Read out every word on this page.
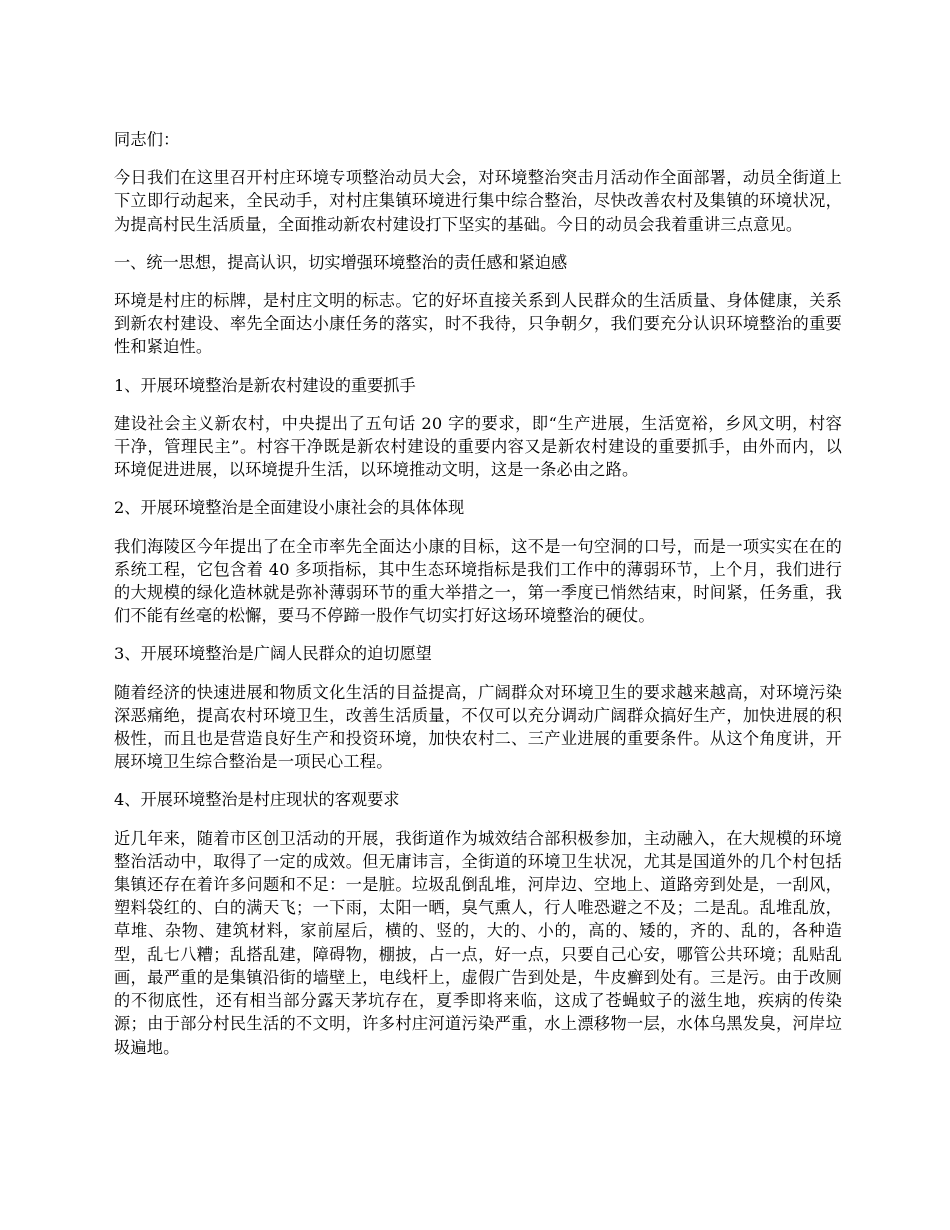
同志们：

今日我们在这里召开村庄环境专项整治动员大会，对环境整治突击月活动作全面部署，动员全街道上下立即行动起来，全民动手，对村庄集镇环境进行集中综合整治，尽快改善农村及集镇的环境状况，为提高村民生活质量，全面推动新农村建设打下坚实的基础。今日的动员会我着重讲三点意见。

一、统一思想，提高认识，切实增强环境整治的责任感和紧迫感

环境是村庄的标牌，是村庄文明的标志。它的好坏直接关系到人民群众的生活质量、身体健康，关系到新农村建设、率先全面达小康任务的落实，时不我待，只争朝夕，我们要充分认识环境整治的重要性和紧迫性。

1、开展环境整治是新农村建设的重要抓手

建设社会主义新农村，中央提出了五句话 20 字的要求，即“生产进展，生活宽裕，乡风文明，村容干净，管理民主”。村容干净既是新农村建设的重要内容又是新农村建设的重要抓手，由外而内，以环境促进进展，以环境提升生活，以环境推动文明，这是一条必由之路。

2、开展环境整治是全面建设小康社会的具体体现

我们海陵区今年提出了在全市率先全面达小康的目标，这不是一句空洞的口号，而是一项实实在在的系统工程，它包含着 40 多项指标，其中生态环境指标是我们工作中的薄弱环节，上个月，我们进行的大规模的绿化造林就是弥补薄弱环节的重大举措之一，第一季度已悄然结束，时间紧，任务重，我们不能有丝毫的松懈，要马不停蹄一股作气切实打好这场环境整治的硬仗。

3、开展环境整治是广阔人民群众的迫切愿望

随着经济的快速进展和物质文化生活的目益提高，广阔群众对环境卫生的要求越来越高，对环境污染深恶痛绝，提高农村环境卫生，改善生活质量，不仅可以充分调动广阔群众搞好生产，加快进展的积极性，而且也是营造良好生产和投资环境，加快农村二、三产业进展的重要条件。从这个角度讲，开展环境卫生综合整治是一项民心工程。

4、开展环境整治是村庄现状的客观要求

近几年来，随着市区创卫活动的开展，我街道作为城效结合部积极参加，主动融入，在大规模的环境整治活动中，取得了一定的成效。但无庸讳言，全街道的环境卫生状况，尤其是国道外的几个村包括集镇还存在着许多问题和不足：一是脏。垃圾乱倒乱堆，河岸边、空地上、道路旁到处是，一刮风，塑料袋红的、白的满天飞；一下雨，太阳一晒，臭气熏人，行人唯恐避之不及；二是乱。乱堆乱放，草堆、杂物、建筑材料，家前屋后，横的、竖的，大的、小的，高的、矮的，齐的、乱的，各种造型，乱七八糟；乱搭乱建，障碍物，棚披，占一点，好一点，只要自己心安，哪管公共环境；乱贴乱画，最严重的是集镇沿街的墙壁上，电线杆上，虚假广告到处是，牛皮癣到处有。三是污。由于改厕的不彻底性，还有相当部分露天茅坑存在，夏季即将来临，这成了苍蝇蚊子的滋生地，疾病的传染源；由于部分村民生活的不文明，许多村庄河道污染严重，水上漂移物一层，水体乌黑发臭，河岸垃圾遍地。
